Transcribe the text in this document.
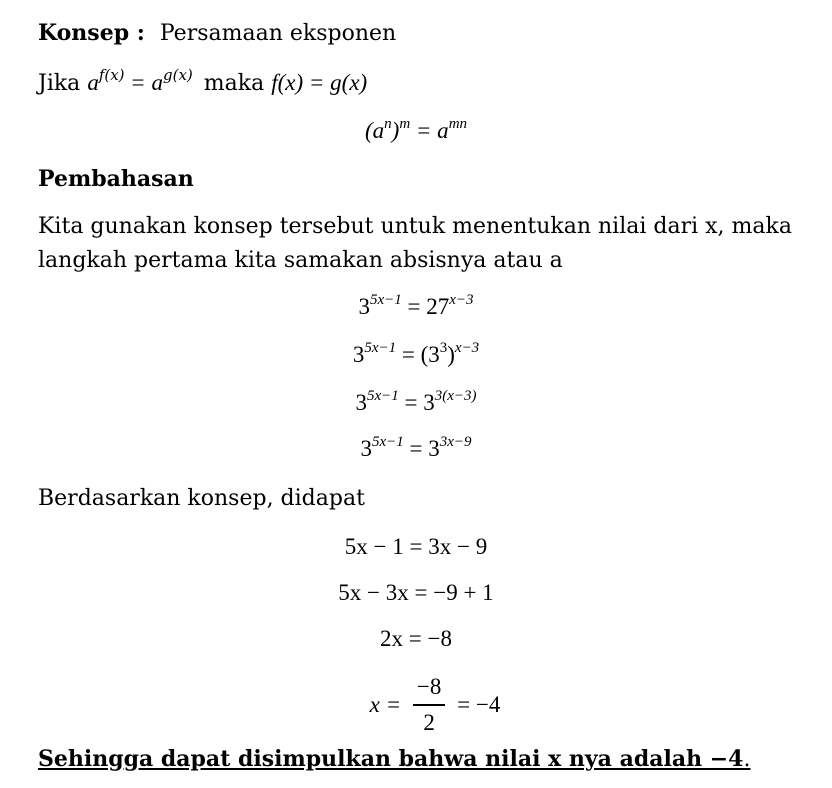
Konsep : Persamaan eksponen
Jika $a^{f(x)} = a^{g(x)}$ maka f(x) = g(x)
$(a^n)^m = a^{mn}$
Pembahasan
Kita gunakan konsep tersebut untuk menentukan nilai dari x, maka
langkah pertama kita samakan absisnya atau a
$3^{5x-1} = 27^{x-3}$
$3^{5x-1} = (3^3)^{x-3}$
$3^{5x-1} = 3^{3(x-3)}$
$3^{5x-1} = 3^{3x-9}$
Berdasarkan konsep, didapat
5x − 1 = 3x − 9
5x − 3x = −9 + 1
2x = −8
$x = \frac{-8}{2} = -4$
Sehingga dapat disimpulkan bahwa nilai x nya adalah −4.
